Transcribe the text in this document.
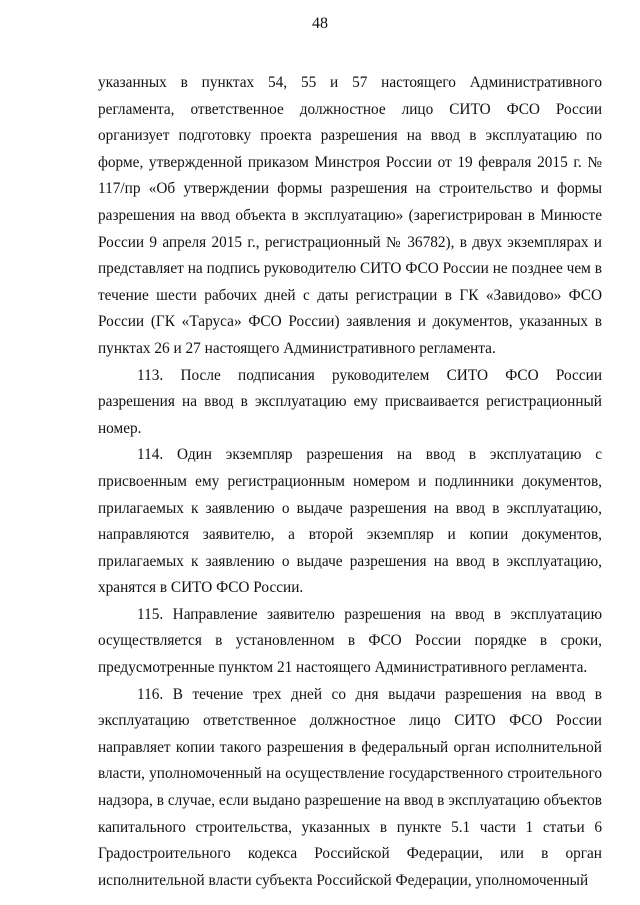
48

указанных в пунктах 54, 55 и 57 настоящего Административного регламента, ответственное должностное лицо СИТО ФСО России организует подготовку проекта разрешения на ввод в эксплуатацию по форме, утвержденной приказом Минстроя России от 19 февраля 2015 г. № 117/пр «Об утверждении формы разрешения на строительство и формы разрешения на ввод объекта в эксплуатацию» (зарегистрирован в Минюсте России 9 апреля 2015 г., регистрационный № 36782), в двух экземплярах и представляет на подпись руководителю СИТО ФСО России не позднее чем в течение шести рабочих дней с даты регистрации в ГК «Завидово» ФСО России (ГК «Таруса» ФСО России) заявления и документов, указанных в пунктах 26 и 27 настоящего Административного регламента.

113. После подписания руководителем СИТО ФСО России разрешения на ввод в эксплуатацию ему присваивается регистрационный номер.

114. Один экземпляр разрешения на ввод в эксплуатацию с присвоенным ему регистрационным номером и подлинники документов, прилагаемых к заявлению о выдаче разрешения на ввод в эксплуатацию, направляются заявителю, а второй экземпляр и копии документов, прилагаемых к заявлению о выдаче разрешения на ввод в эксплуатацию, хранятся в СИТО ФСО России.

115. Направление заявителю разрешения на ввод в эксплуатацию осуществляется в установленном в ФСО России порядке в сроки, предусмотренные пунктом 21 настоящего Административного регламента.

116. В течение трех дней со дня выдачи разрешения на ввод в эксплуатацию ответственное должностное лицо СИТО ФСО России направляет копии такого разрешения в федеральный орган исполнительной власти, уполномоченный на осуществление государственного строительного надзора, в случае, если выдано разрешение на ввод в эксплуатацию объектов капитального строительства, указанных в пункте 5.1 части 1 статьи 6 Градостроительного кодекса Российской Федерации, или в орган исполнительной власти субъекта Российской Федерации, уполномоченный
